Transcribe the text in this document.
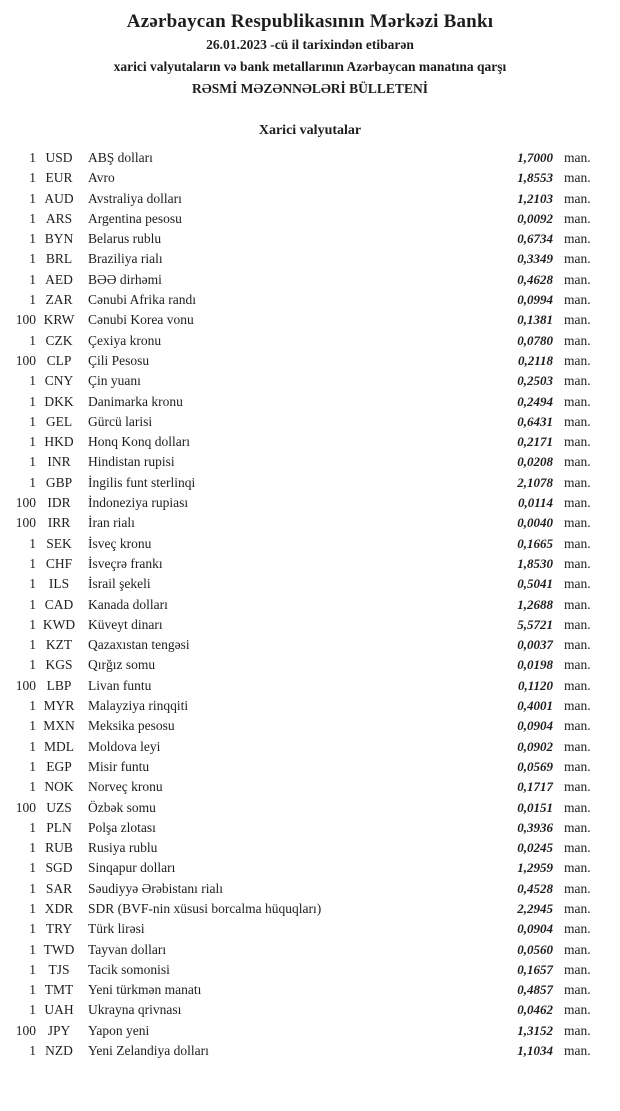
Azərbaycan Respublikasının Mərkəzi Bankı
26.01.2023 -cü il tarixindən etibarən
xarici valyutaların və bank metallarının Azərbaycan manatına qarşı
RƏSMİ MƏZƏNNƏLƏRİ BÜLLETENİ
Xarici valyutalar
1 USD	ABŞ dolları	1,7000 man.
1 EUR	Avro	1,8553 man.
1 AUD	Avstraliya dolları	1,2103 man.
1 ARS	Argentina pesosu	0,0092 man.
1 BYN	Belarus rublu	0,6734 man.
1 BRL	Braziliya rialı	0,3349 man.
1 AED	BƏƏ dirhəmi	0,4628 man.
1 ZAR	Cənubi Afrika randı	0,0994 man.
100 KRW	Cənubi Korea vonu	0,1381 man.
1 CZK	Çexiya kronu	0,0780 man.
100 CLP	Çili Pesosu	0,2118 man.
1 CNY	Çin yuanı	0,2503 man.
1 DKK	Danimarka kronu	0,2494 man.
1 GEL	Gürcü larisi	0,6431 man.
1 HKD	Honq Konq dolları	0,2171 man.
1 INR	Hindistan rupisi	0,0208 man.
1 GBP	İngilis funt sterlinqi	2,1078 man.
100 IDR	İndoneziya rupiası	0,0114 man.
100 IRR	İran rialı	0,0040 man.
1 SEK	İsveç kronu	0,1665 man.
1 CHF	İsveçrə frankı	1,8530 man.
1 ILS	İsrail şekeli	0,5041 man.
1 CAD	Kanada dolları	1,2688 man.
1 KWD Küveyt dinarı	5,5721 man.
1 KZT	Qazaxıstan tengəsi	0,0037 man.
1 KGS	Qırğız somu	0,0198 man.
100 LBP	Livan funtu	0,1120 man.
1 MYR	Malayziya rinqqiti	0,4001 man.
1 MXN Meksika pesosu	0,0904 man.
1 MDL	Moldova leyi	0,0902 man.
1 EGP	Misir funtu	0,0569 man.
1 NOK	Norveç kronu	0,1717 man.
100 UZS	Özbək somu	0,0151 man.
1 PLN	Polşa zlotası	0,3936 man.
1 RUB	Rusiya rublu	0,0245 man.
1 SGD	Sinqapur dolları	1,2959 man.
1 SAR	Səudiyyə Ərəbistanı rialı	0,4528 man.
1 XDR	SDR (BVF-nin xüsusi borcalma hüquqları)	2,2945 man.
1 TRY	Türk lirəsi	0,0904 man.
1 TWD	Tayvan dolları	0,0560 man.
1 TJS	Tacik somonisi	0,1657 man.
1 TMT	Yeni türkmən manatı	0,4857 man.
1 UAH	Ukrayna qrivnası	0,0462 man.
100 JPY	Yapon yeni	1,3152 man.
1 NZD	Yeni Zelandiya dolları	1,1034 man.
